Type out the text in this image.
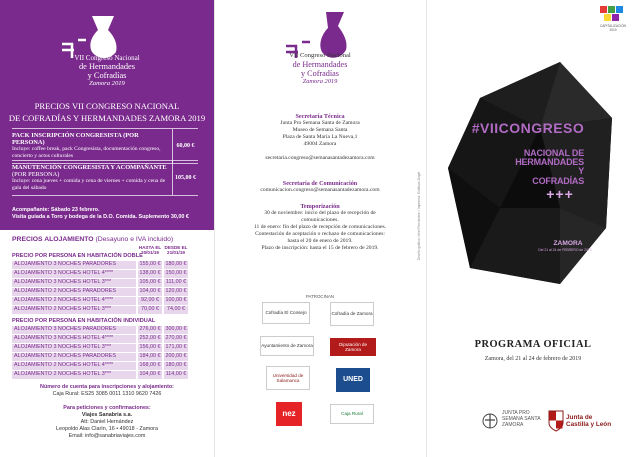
VII Congreso Nacional
de Hermandades
y Cofradías
Zamora 2019
PRECIOS VII CONGRESO NACIONAL
DE COFRADÍAS Y HERMANDADES ZAMORA 2019
PACK INSCRIPCIÓN CONGRESISTA (POR PERSONA)
Incluye: coffee break, pack Congresista, documentación congreso, concierto y actos culturales
60,00 €
MANUTENCIÓN CONGRESISTA Y ACOMPAÑANTE
(POR PERSONA)
Incluye: cena jueves + comida y cena de viernes + comida y cena de gala del sábado
105,00 €
Acompañante: Sábado 23 febrero.
Visita guiada a Toro y bodega de la D.O. Comida. Suplemento 30,00 €
PRECIOS ALOJAMIENTO (Desayuno e IVA incluido)
HASTA EL
20/01/19
DESDE EL
21/01/19
PRECIO POR PERSONA EN HABITACIÓN DOBLE
ALOJAMIENTO 3 NOCHES PARADORES	155,00 € 180,00 €
ALOJAMIENTO 3 NOCHES HOTEL 4****	138,00 € 150,00 €
ALOJAMIENTO 3 NOCHES HOTEL 3***	105,00 €	111,00 €
ALOJAMIENTO 2 NOCHES PARADORES	104,00 € 120,00 €
ALOJAMIENTO 2 NOCHES HOTEL 4****	92,00 €	100,00 €
ALOJAMIENTO 2 NOCHES HOTEL 3***	70,00 €	74,00 €
PRECIO POR PERSONA EN HABITACIÓN INDIVIDUAL
ALOJAMIENTO 3 NOCHES PARADORES	276,00 € 300,00 €
ALOJAMIENTO 3 NOCHES HOTEL 4****	252,00 € 270,00 €
ALOJAMIENTO 3 NOCHES HOTEL 3***	156,00 € 171,00 €
ALOJAMIENTO 2 NOCHES PARADORES	184,00 € 200,00 €
ALOJAMIENTO 2 NOCHES HOTEL 4****	168,00 € 180,00 €
ALOJAMIENTO 2 NOCHES HOTEL 3***	104,00 € 114,00 €
Número de cuenta para inscripciones y alojamiento:
Caja Rural: ES25 3085 0011 1310 9620 7426
Para peticiones y confirmaciones:
Viajes Sanabria s.a.
Att: Daniel Hernández
Leopoldo Alas Clarín, 16 • 49018 - Zamora
Email: info@sanabriaviajes.com
VII Congreso Nacional
de Hermandades
y Cofradías
Zamora 2019
Secretaría Técnica
Junta Pro Semana Santa de Zamora
Museo de Semana Santa
Plaza de Santa María La Nueva,1
49004 Zamora
secretaria.congreso@semanasantadezamora.com
Secretaría de Comunicación
comunicacion.congreso@semanasantadezamora.com
Temporización
30 de noviembre: inicio del plazo de recepción de
comunicaciones.
11 de enero: fin del plazo de recepción de comunicaciones.
Contestación de aceptación o rechazo de comunicaciones:
hasta el 20 de enero de 2019.
Plazo de inscripción: hasta el 15 de febrero de 2019.
PATROCINAN
Cofradía El Consejo	Cofradía de Zamora
Ayuntamiento de Zamora	Diputación de Zamora
Universidad de Salamanca	UNED
nez	Caja Rural
Diseño gráfico: Uriel Fernández • Imprenta: Gráficas Ángel
CAPITALIZACIÓN
2019
#VIICONGRESO
NACIONAL DE
HERMANDADES Y
COFRADÍAS
+++
ZAMORA
Del 21 al 24 de FEBRERO de 2019
PROGRAMA OFICIAL
Zamora, del 21 al 24 de febrero de 2019
JUNTA PRO
SEMANA SANTA
ZAMORA
Junta de
Castilla y León
